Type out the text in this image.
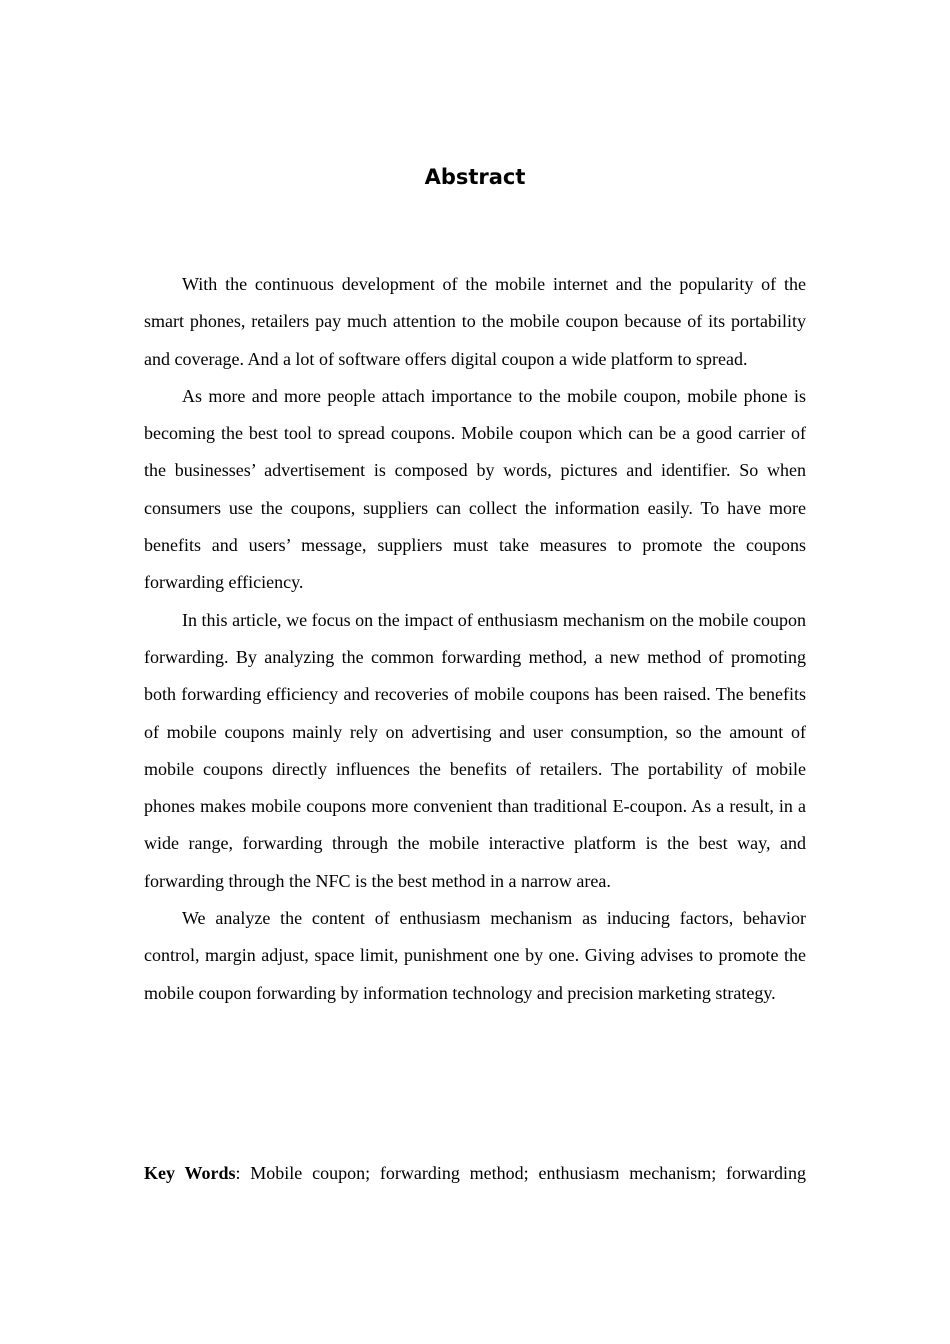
Abstract

With the continuous development of the mobile internet and the popularity of the smart phones, retailers pay much attention to the mobile coupon because of its portability and coverage. And a lot of software offers digital coupon a wide platform to spread.

As more and more people attach importance to the mobile coupon, mobile phone is becoming the best tool to spread coupons. Mobile coupon which can be a good carrier of the businesses’ advertisement is composed by words, pictures and identifier. So when consumers use the coupons, suppliers can collect the information easily. To have more benefits and users’ message, suppliers must take measures to promote the coupons forwarding efficiency.

In this article, we focus on the impact of enthusiasm mechanism on the mobile coupon forwarding. By analyzing the common forwarding method, a new method of promoting both forwarding efficiency and recoveries of mobile coupons has been raised. The benefits of mobile coupons mainly rely on advertising and user consumption, so the amount of mobile coupons directly influences the benefits of retailers. The portability of mobile phones makes mobile coupons more convenient than traditional E-coupon. As a result, in a wide range, forwarding through the mobile interactive platform is the best way, and forwarding through the NFC is the best method in a narrow area.

We analyze the content of enthusiasm mechanism as inducing factors, behavior control, margin adjust, space limit, punishment one by one. Giving advises to promote the mobile coupon forwarding by information technology and precision marketing strategy.

Key Words: Mobile coupon; forwarding method; enthusiasm mechanism; forwarding
